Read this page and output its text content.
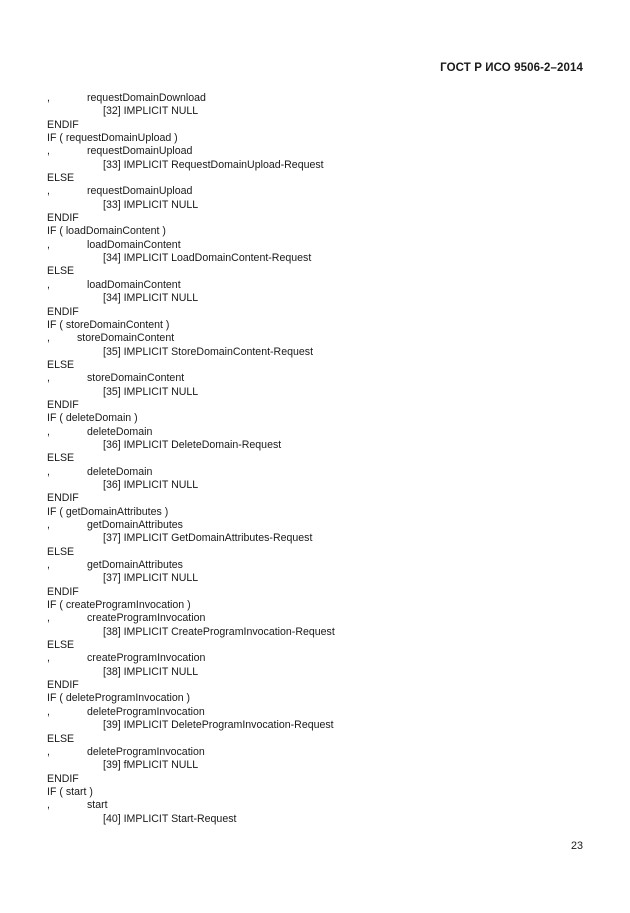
ГОСТ Р ИСО 9506-2–2014
,	requestDomainDownload
[32] IMPLICIT NULL
ENDIF
IF ( requestDomainUpload )
,	requestDomainUpload
[33] IMPLICIT RequestDomainUpload-Request
ELSE
,	requestDomainUpload
[33] IMPLICIT NULL
ENDIF
IF ( loadDomainContent )
,	loadDomainContent
[34] IMPLICIT LoadDomainContent-Request
ELSE
,	loadDomainContent
[34] IMPLICIT NULL
ENDIF
IF ( storeDomainContent )
,	storeDomainContent
[35] IMPLICIT StoreDomainContent-Request
ELSE
,	storeDomainContent
[35] IMPLICIT NULL
ENDIF
IF ( deleteDomain )
,	deleteDomain
[36] IMPLICIT DeleteDomain-Request
ELSE
,	deleteDomain
[36] IMPLICIT NULL
ENDIF
IF ( getDomainAttributes )
,	getDomainAttributes
[37] IMPLICIT GetDomainAttributes-Request
ELSE
,	getDomainAttributes
[37] IMPLICIT NULL
ENDIF
IF ( createProgramInvocation )
,	createProgramInvocation
[38] IMPLICIT CreateProgramInvocation-Request
ELSE
,	createProgramInvocation
[38] IMPLICIT NULL
ENDIF
IF ( deleteProgramInvocation )
,	deleteProgramInvocation
[39] IMPLICIT DeleteProgramInvocation-Request
ELSE
,	deleteProgramInvocation
[39] fMPLICIT NULL
ENDIF
IF ( start )
,	start
[40] IMPLICIT Start-Request
23
